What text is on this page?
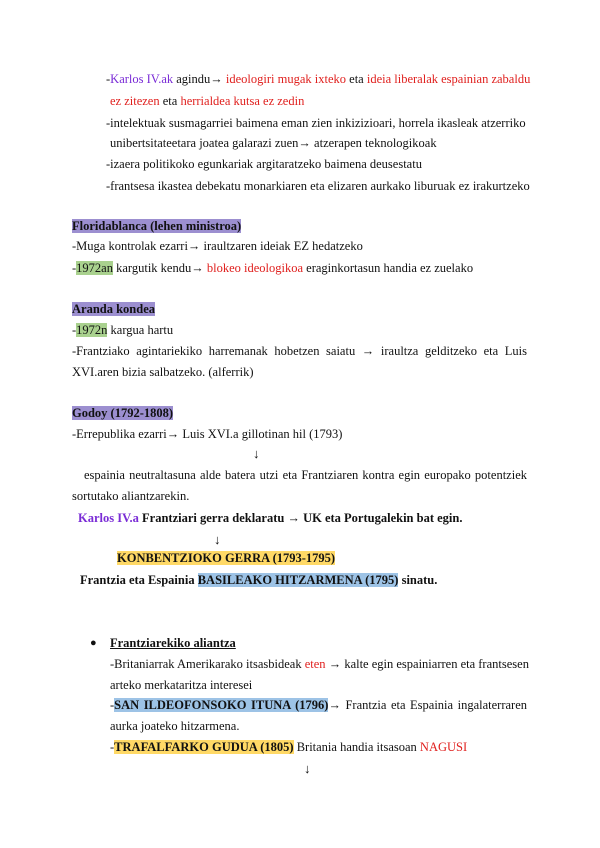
-Karlos IV.ak agindu→ ideologiri mugak ixteko eta ideia liberalak espainian zabaldu
ez zitezen eta herrialdea kutsa ez zedin
-intelektuak susmagarriei baimena eman zien inkizizioari, horrela ikasleak atzerriko
unibertsitateetara joatea galarazi zuen→ atzerapen teknologikoak
-izaera politikoko egunkariak argitaratzeko baimena deusestatu
-frantsesa ikastea debekatu monarkiaren eta elizaren aurkako liburuak ez irakurtzeko
Floridablanca (lehen ministroa)
-Muga kontrolak ezarri→ iraultzaren ideiak EZ hedatzeko
-1972an kargutik kendu→ blokeo ideologikoa eraginkortasun handia ez zuelako
Aranda kondea
-1972n kargua hartu
-Frantziako agintariekiko harremanak hobetzen saiatu → iraultza gelditzeko eta Luis
XVI.aren bizia salbatzeko. (alferrik)
Godoy (1792-1808)
-Errepublika ezarri→ Luis XVI.a gillotinan hil (1793)
↓
espainia neutraltasuna alde batera utzi eta Frantziaren kontra egin europako potentziek
sortutako aliantzarekin.
Karlos IV.a Frantziari gerra deklaratu → UK eta Portugalekin bat egin.
↓
KONBENTZIOKO GERRA (1793-1795)
Frantzia eta Espainia BASILEAKO HITZARMENA (1795) sinatu.
● Frantziarekiko aliantza
-Britaniarrak Amerikarako itsasbideak eten → kalte egin espainiarren eta frantsesen
arteko merkataritza interesei
-SAN ILDEOFONSOKO ITUNA (1796)→ Frantzia eta Espainia ingalaterraren
aurka joateko hitzarmena.
-TRAFALFARKO GUDUA (1805) Britania handia itsasoan NAGUSI
↓
